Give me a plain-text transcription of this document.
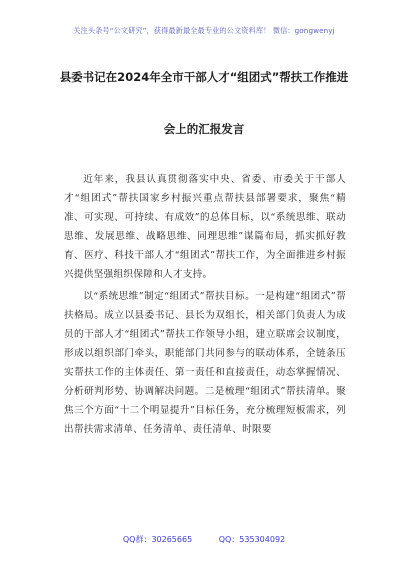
关注头条号“公文研究”，获得最新最全最专业的公文资料库！ 微信：gongwenyj
县委书记在2024年全市干部人才“组团式”帮扶工作推进
会上的汇报发言

近年来，我县认真贯彻落实中央、省委、市委关于干部人才“组团式”帮扶国家乡村振兴重点帮扶县部署要求，聚焦“精准、可实现、可持续、有成效”的总体目标，以“系统思维、联动思维、发展思维、战略思维、同理思维”谋篇布局，抓实抓好教育、医疗、科技干部人才“组团式”帮扶工作，为全面推进乡村振兴提供坚强组织保障和人才支持。

以“系统思维”制定“组团式”帮扶目标。一是构建“组团式”帮扶格局。成立以县委书记、县长为双组长，相关部门负责人为成员的干部人才“组团式”帮扶工作领导小组，建立联席会议制度，形成以组织部门牵头，职能部门共同参与的联动体系，全链条压实帮扶工作的主体责任、第一责任和直接责任，动态掌握情况、分析研判形势、协调解决问题。二是梳理“组团式”帮扶清单。聚焦三个方面“十二个明显提升”目标任务，充分梳理短板需求，列出帮扶需求清单、任务清单、责任清单、时限要

QQ群：30265665	QQ：535304092
